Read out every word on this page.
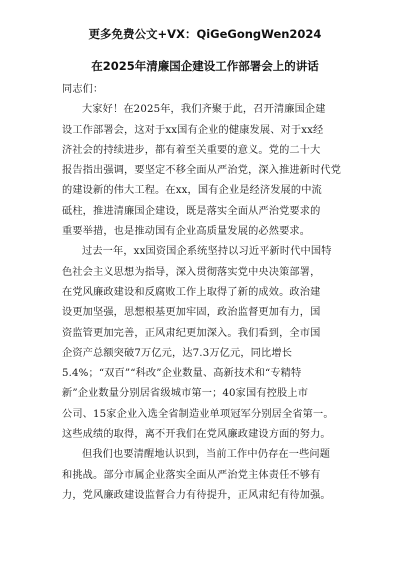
更多免费公文+VX：QiGeGongWen2024
在2025年清廉国企建设工作部署会上的讲话
同志们：
大家好！在2025年，我们齐聚于此，召开清廉国企建
设工作部署会，这对于xx国有企业的健康发展、对于xx经
济社会的持续进步，都有着至关重要的意义。党的二十大
报告指出强调，要坚定不移全面从严治党，深入推进新时代党
的建设新的伟大工程。在xx，国有企业是经济发展的中流
砥柱，推进清廉国企建设，既是落实全面从严治党要求的
重要举措，也是推动国有企业高质量发展的必然要求。
过去一年，xx国资国企系统坚持以习近平新时代中国特
色社会主义思想为指导，深入贯彻落实党中央决策部署，
在党风廉政建设和反腐败工作上取得了新的成效。政治建
设更加坚强，思想根基更加牢固，政治监督更加有力，国
资监管更加完善，正风肃纪更加深入。我们看到，全市国
企资产总额突破7万亿元，达7.3万亿元，同比增长
5.4%；“双百”“科改”企业数量、高新技术和“专精特
新”企业数量分别居省级城市第一；40家国有控股上市
公司、15家企业入选全省制造业单项冠军分别居全省第一。
这些成绩的取得，离不开我们在党风廉政建设方面的努力。
但我们也要清醒地认识到，当前工作中仍存在一些问题
和挑战。部分市属企业落实全面从严治党主体责任不够有
力，党风廉政建设监督合力有待提升，正风肃纪有待加强。
